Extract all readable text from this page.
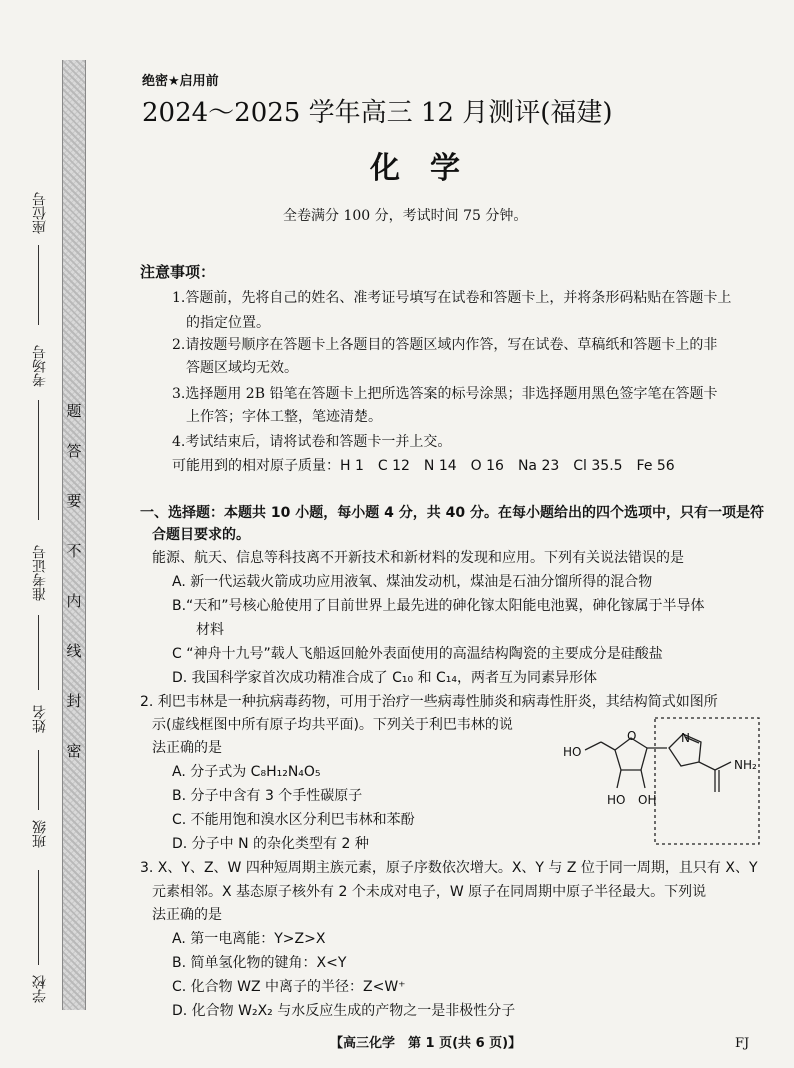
题
答
要
不
内
线
封
密
座位号
考场号
准考证号
姓名
班级
学校
绝密★启用前
2024～2025 学年高三 12 月测评(福建)
化　学
全卷满分 100 分，考试时间 75 分钟。
注意事项：
1.答题前，先将自己的姓名、准考证号填写在试卷和答题卡上，并将条形码粘贴在答题卡上
的指定位置。
2.请按题号顺序在答题卡上各题目的答题区域内作答，写在试卷、草稿纸和答题卡上的非
答题区域均无效。
3.选择题用 2B 铅笔在答题卡上把所选答案的标号涂黑；非选择题用黑色签字笔在答题卡
上作答；字体工整，笔迹清楚。
4.考试结束后，请将试卷和答题卡一并上交。
可能用到的相对原子质量：H 1　C 12　N 14　O 16　Na 23　Cl 35.5　Fe 56
一、选择题：本题共 10 小题，每小题 4 分，共 40 分。在每小题给出的四个选项中，只有一项是符
合题目要求的。
能源、航天、信息等科技离不开新技术和新材料的发现和应用。下列有关说法错误的是
A. 新一代运载火箭成功应用液氧、煤油发动机，煤油是石油分馏所得的混合物
B.“天和”号核心舱使用了目前世界上最先进的砷化镓太阳能电池翼，砷化镓属于半导体
材料
C “神舟十九号”载人飞船返回舱外表面使用的高温结构陶瓷的主要成分是硅酸盐
D. 我国科学家首次成功精准合成了 C₁₀ 和 C₁₄，两者互为同素异形体
2. 利巴韦林是一种抗病毒药物，可用于治疗一些病毒性肺炎和病毒性肝炎，其结构简式如图所
示(虚线框图中所有原子均共平面)。下列关于利巴韦林的说
法正确的是
A. 分子式为 C₈H₁₂N₄O₅
B. 分子中含有 3 个手性碳原子
C. 不能用饱和溴水区分利巴韦林和苯酚
D. 分子中 N 的杂化类型有 2 种
HO
O
HO OH
N
NH₂
3. X、Y、Z、W 四种短周期主族元素，原子序数依次增大。X、Y 与 Z 位于同一周期，且只有 X、Y
元素相邻。X 基态原子核外有 2 个未成对电子，W 原子在同周期中原子半径最大。下列说
法正确的是
A. 第一电离能：Y>Z>X
B. 简单氢化物的键角：X<Y
C. 化合物 WZ 中离子的半径：Z<W⁺
D. 化合物 W₂X₂ 与水反应生成的产物之一是非极性分子
【高三化学　第 1 页(共 6 页)】	FJ
